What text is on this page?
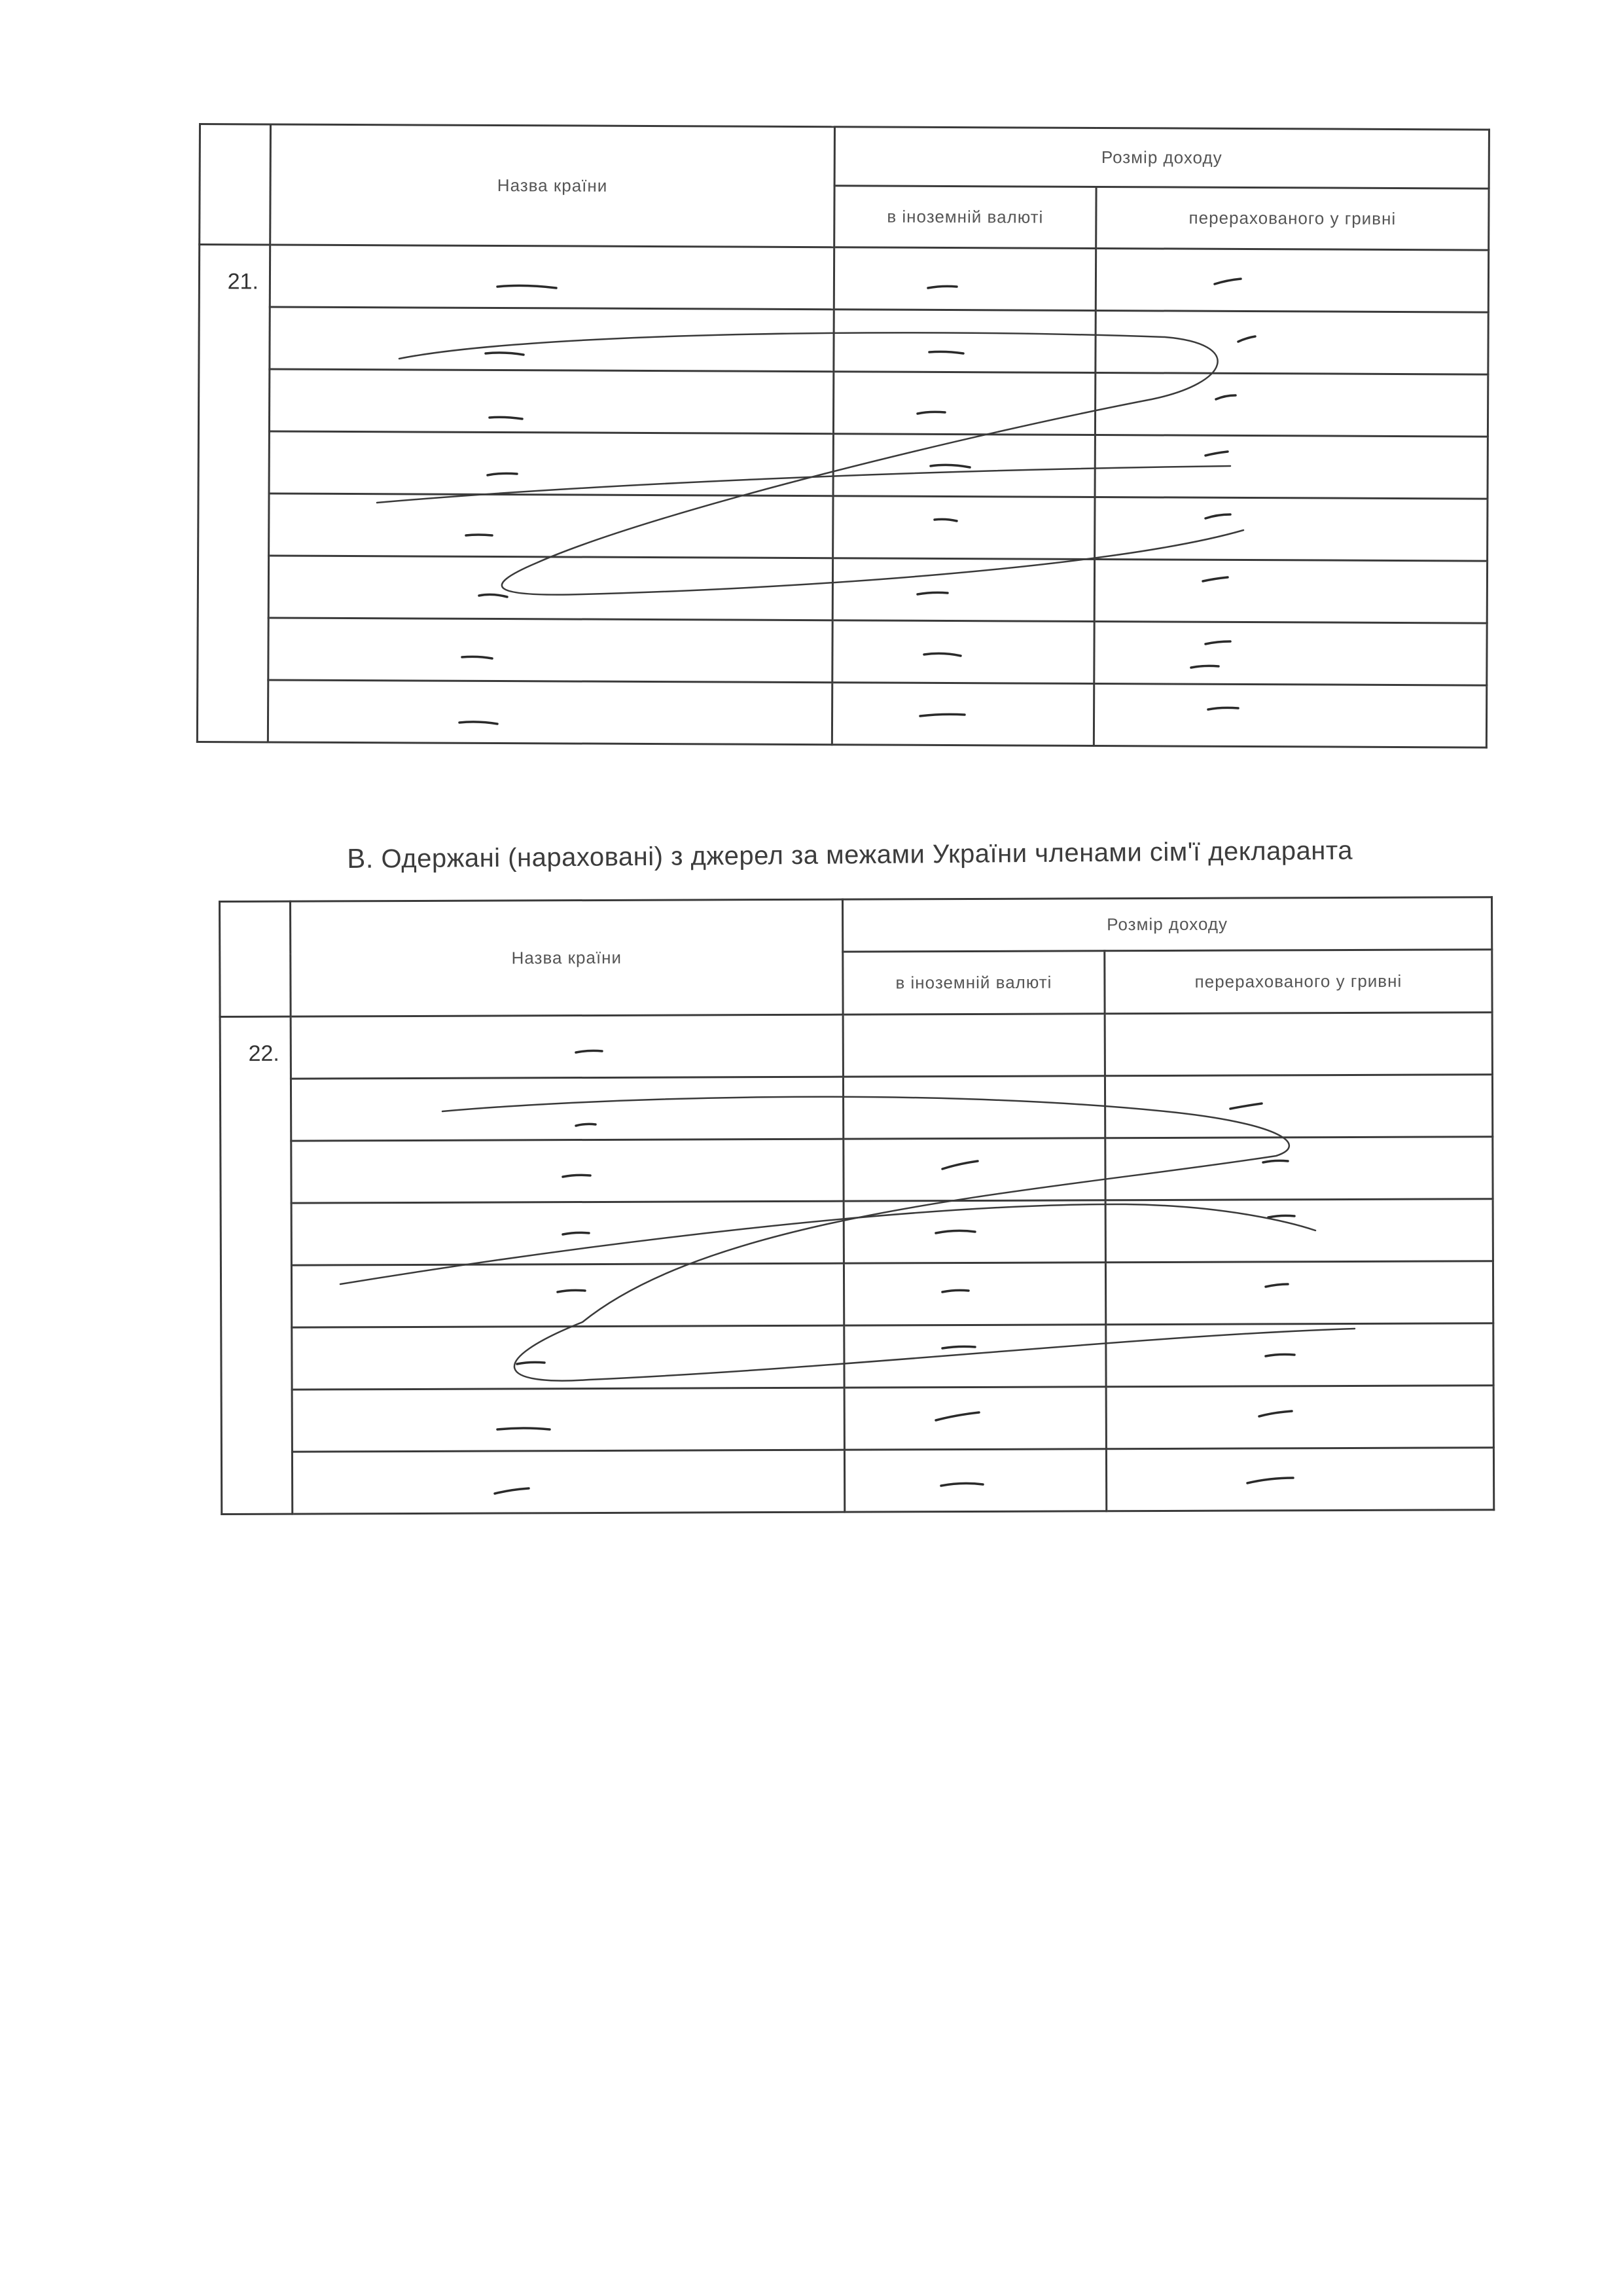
	Назва країни	Розмір доходу	
		в іноземній валюті	перерахованого у гривні
21.			

В. Одержані (нараховані) з джерел за межами України членами сім'ї декларанта
	Назва країни	Розмір доходу	
		в іноземній валюті	перерахованого у гривні
22.			
